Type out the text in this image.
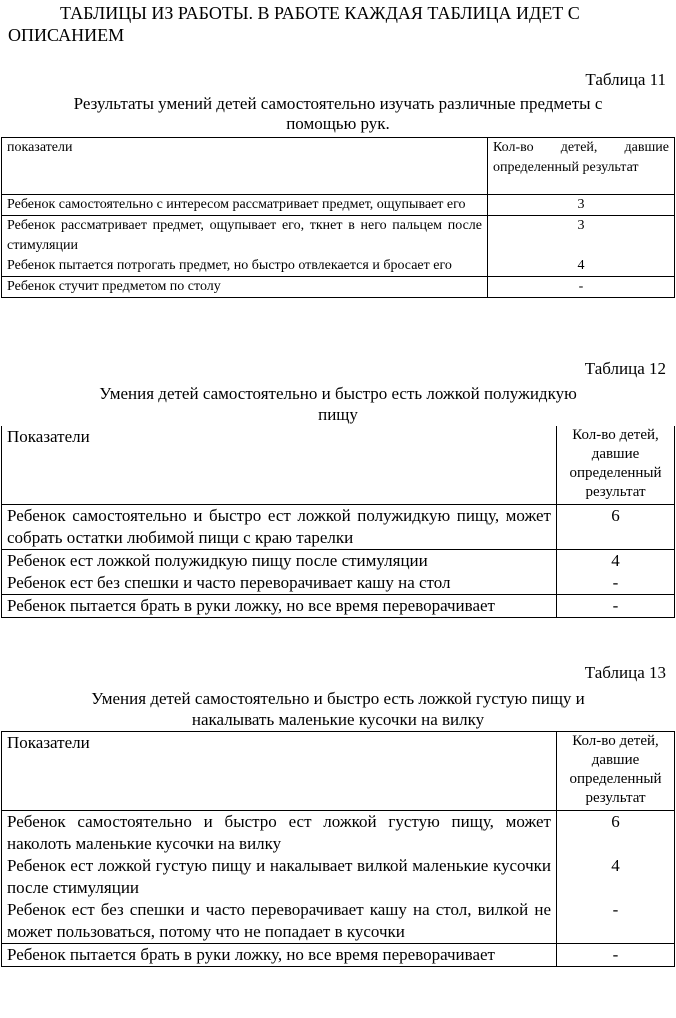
ТАБЛИЦЫ ИЗ РАБОТЫ. В РАБОТЕ КАЖДАЯ ТАБЛИЦА ИДЕТ С
ОПИСАНИЕМ
Таблица 11
Результаты умений детей самостоятельно изучать различные предметы с
помощью рук.
показатели	Кол-во детей, давшие определенный результат
Ребенок самостоятельно с интересом рассматривает предмет, ощупывает его	3
Ребенок рассматривает предмет, ощупывает его, ткнет в него пальцем после стимуляции	3
Ребенок пытается потрогать предмет, но быстро отвлекается и бросает его	4
Ребенок стучит предметом по столу	-
Таблица 12
Умения детей самостоятельно и быстро есть ложкой полужидкую
пищу
Показатели	Кол-во детей, давшие определенный результат
Ребенок самостоятельно и быстро ест ложкой полужидкую пищу, может собрать остатки любимой пищи с краю тарелки	6
Ребенок ест ложкой полужидкую пищу после стимуляции	4
Ребенок ест без спешки и часто переворачивает кашу на стол	-
Ребенок пытается брать в руки ложку, но все время переворачивает	-
Таблица 13
Умения детей самостоятельно и быстро есть ложкой густую пищу и
накалывать маленькие кусочки на вилку
Показатели	Кол-во детей, давшие определенный результат
Ребенок самостоятельно и быстро ест ложкой густую пищу, может наколоть маленькие кусочки на вилку	6
Ребенок ест ложкой густую пищу и накалывает вилкой маленькие кусочки после стимуляции	4
Ребенок ест без спешки и часто переворачивает кашу на стол, вилкой не может пользоваться, потому что не попадает в кусочки	-
Ребенок пытается брать в руки ложку, но все время переворачивает	-
